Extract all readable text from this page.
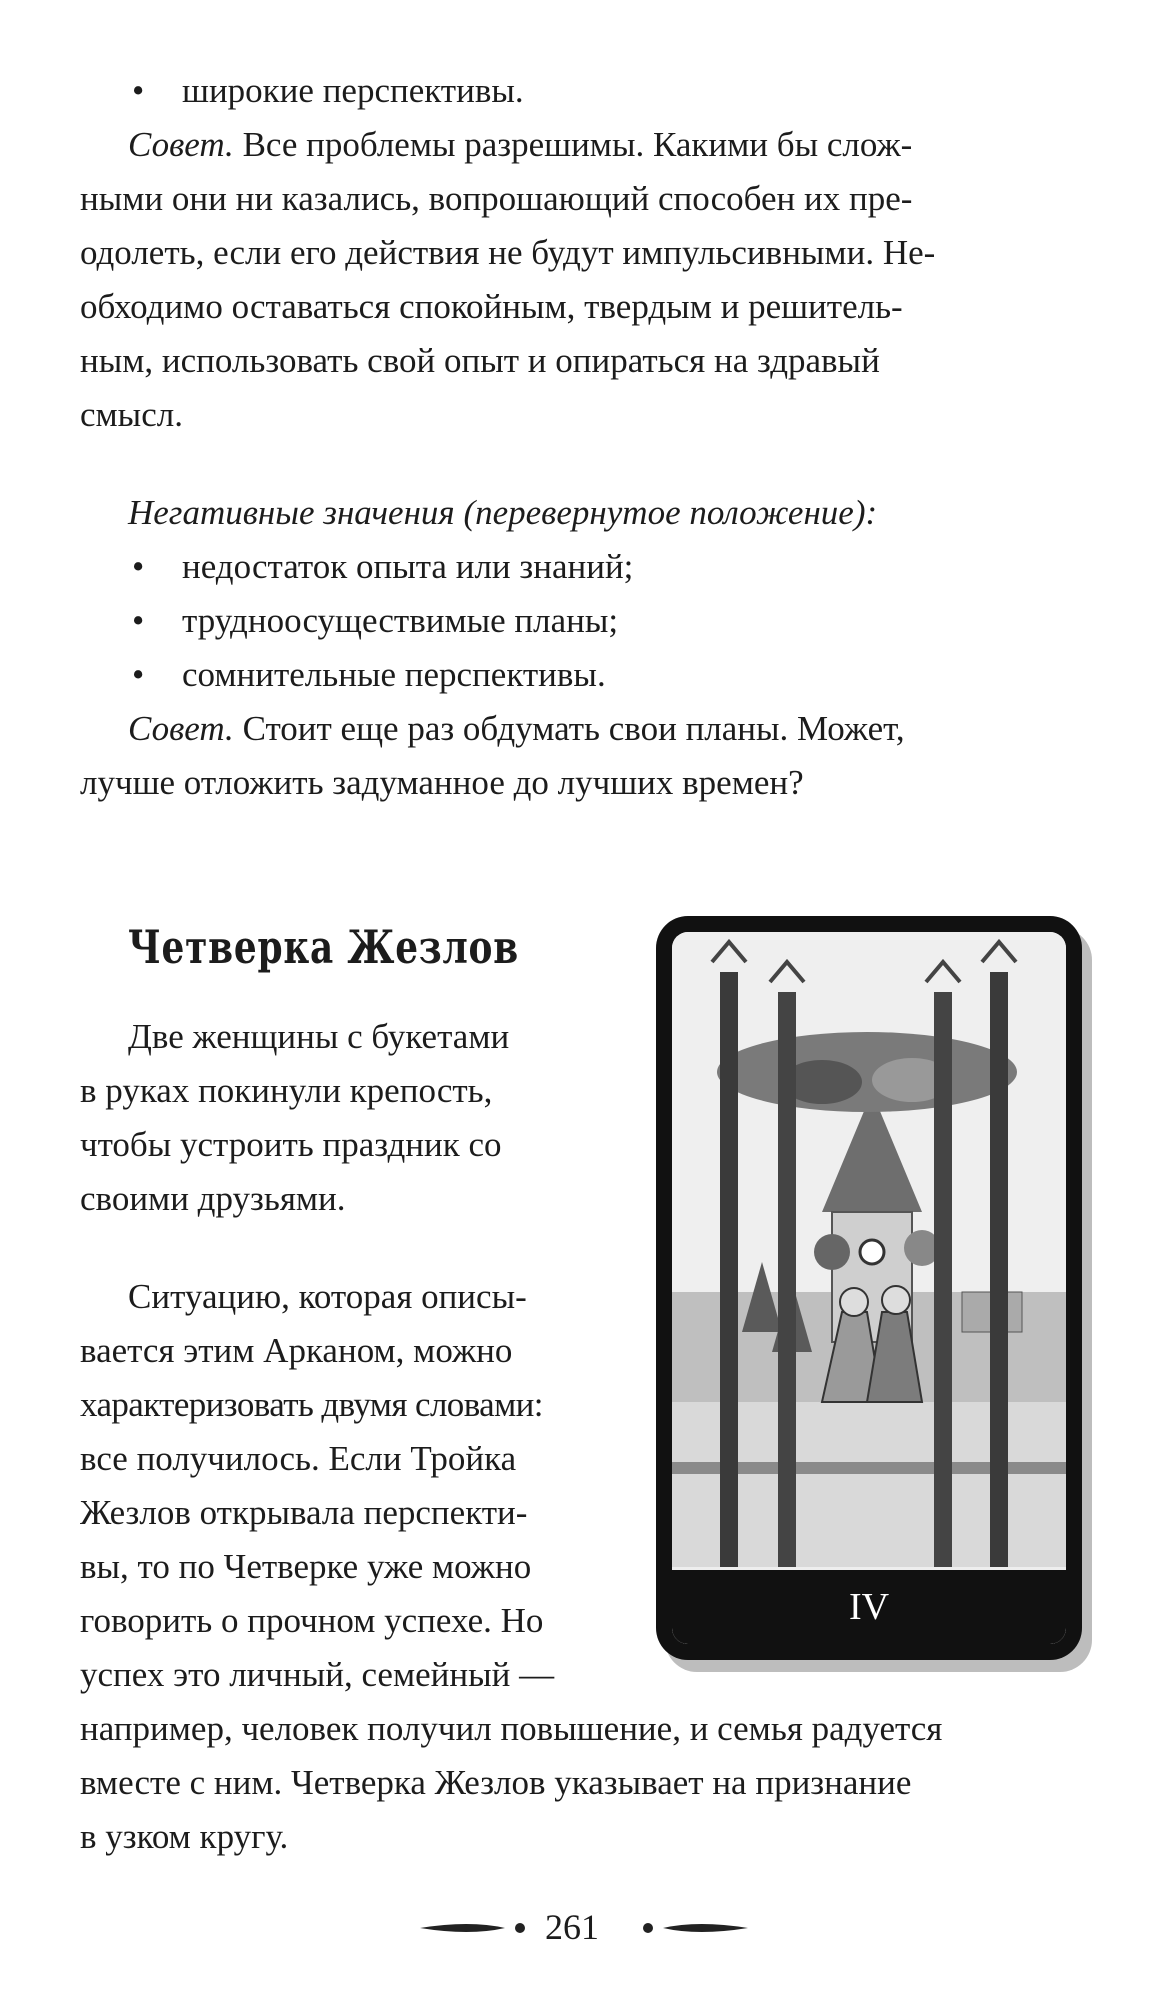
• широкие перспективы.
Совет. Все проблемы разрешимы. Какими бы слож-
ными они ни казались, вопрошающий способен их пре-
одолеть, если его действия не будут импульсивными. Не-
обходимо оставаться спокойным, твердым и решитель-
ным, использовать свой опыт и опираться на здравый
смысл.
Негативные значения (перевернутое положение):
• недостаток опыта или знаний;
• трудноосуществимые планы;
• сомнительные перспективы.
Совет. Стоит еще раз обдумать свои планы. Может,
лучше отложить задуманное до лучших времен?
Четверка Жезлов
Две женщины с букетами
в руках покинули крепость,
чтобы устроить праздник со
своими друзьями.
Ситуацию, которая описы-
вается этим Арканом, можно
характеризовать двумя словами:
все получилось. Если Тройка
Жезлов открывала перспекти-
вы, то по Четверке уже можно
говорить о прочном успехе. Но
успех это личный, семейный —
например, человек получил повышение, и семья радуется
вместе с ним. Четверка Жезлов указывает на признание
в узком кругу.
IV
261
